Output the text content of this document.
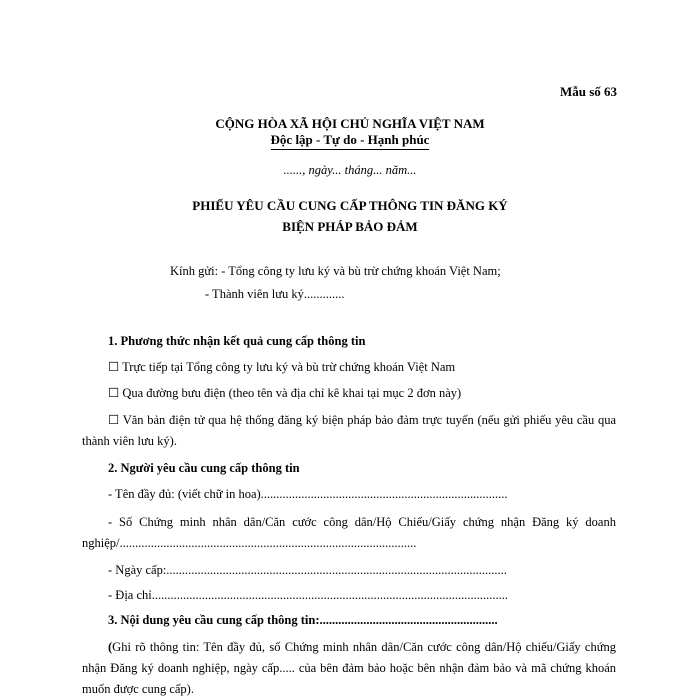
Mẫu số 63
CỘNG HÒA XÃ HỘI CHỦ NGHĨA VIỆT NAM
Độc lập - Tự do - Hạnh phúc
......, ngày... tháng... năm...
PHIẾU YÊU CẦU CUNG CẤP THÔNG TIN ĐĂNG KÝ
BIỆN PHÁP BẢO ĐẢM
Kính gửi: - Tổng công ty lưu ký và bù trừ chứng khoán Việt Nam;
- Thành viên lưu ký.............
1. Phương thức nhận kết quả cung cấp thông tin
☐ Trực tiếp tại Tổng công ty lưu ký và bù trừ chứng khoán Việt Nam
☐ Qua đường bưu điện (theo tên và địa chỉ kê khai tại mục 2 đơn này)
☐ Văn bản điện tử qua hệ thống đăng ký biện pháp bảo đảm trực tuyến (nếu gửi phiếu yêu cầu qua thành viên lưu ký).
2. Người yêu cầu cung cấp thông tin
- Tên đầy đủ: (viết chữ in hoa)...............................................................................
- Số Chứng minh nhân dân/Căn cước công dân/Hộ Chiếu/Giấy chứng nhận Đăng ký doanh nghiệp/...............................................................................................
- Ngày cấp:.............................................................................................................
- Địa chỉ..................................................................................................................
3. Nội dung yêu cầu cung cấp thông tin:.........................................................
(Ghi rõ thông tin: Tên đầy đủ, số Chứng minh nhân dân/Căn cước công dân/Hộ chiếu/Giấy chứng nhận Đăng ký doanh nghiệp, ngày cấp..... của bên đảm bảo hoặc bên nhận đảm bảo và mã chứng khoán muốn được cung cấp).
